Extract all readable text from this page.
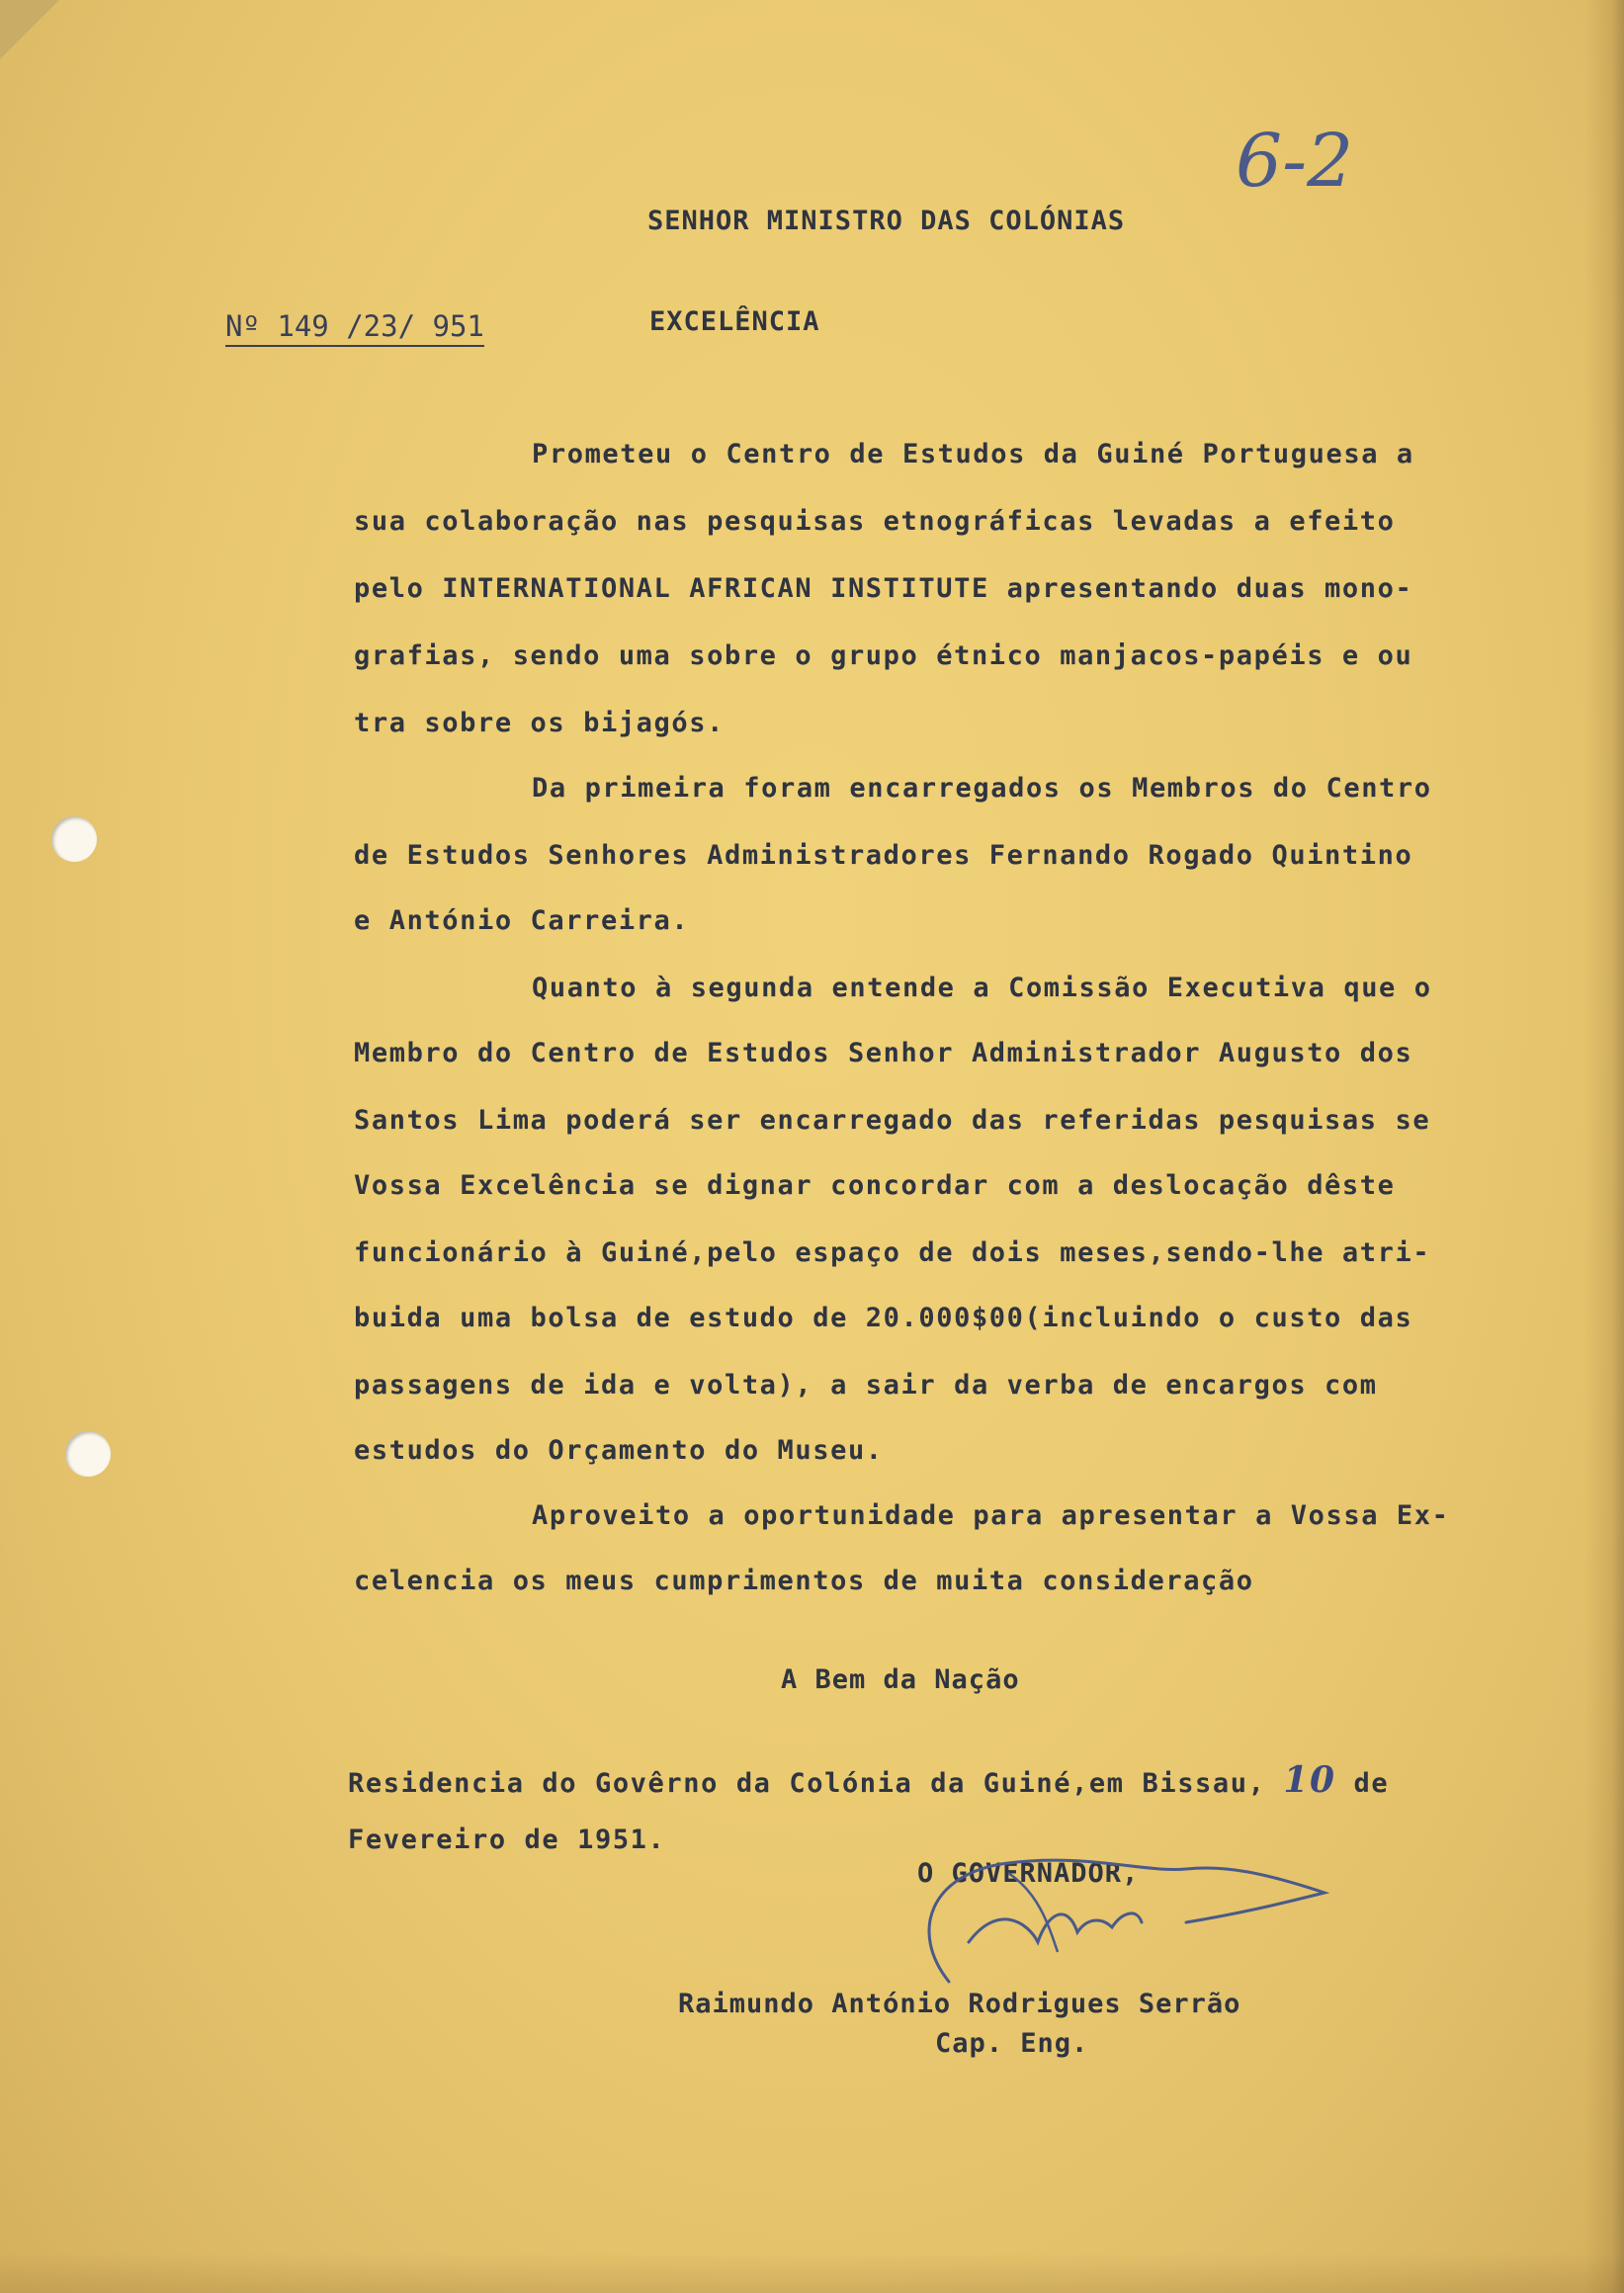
6-2
SENHOR MINISTRO DAS COLÓNIAS
Nº 149 /23/ 951	EXCELÊNCIA
Prometeu o Centro de Estudos da Guiné Portuguesa a
sua colaboração nas pesquisas etnográficas levadas a efeito
pelo INTERNATIONAL AFRICAN INSTITUTE apresentando duas mono-
grafias, sendo uma sobre o grupo étnico manjacos-papéis e ou
tra sobre os bijagós.
Da primeira foram encarregados os Membros do Centro
de Estudos Senhores Administradores Fernando Rogado Quintino
e António Carreira.
Quanto à segunda entende a Comissão Executiva que o
Membro do Centro de Estudos Senhor Administrador Augusto dos
Santos Lima poderá ser encarregado das referidas pesquisas se
Vossa Excelência se dignar concordar com a deslocação dêste
funcionário à Guiné,pelo espaço de dois meses,sendo-lhe atri-
buida uma bolsa de estudo de 20.000$00(incluindo o custo das
passagens de ida e volta), a sair da verba de encargos com
estudos do Orçamento do Museu.
Aproveito a oportunidade para apresentar a Vossa Ex-
celencia os meus cumprimentos de muita consideração
A Bem da Nação
Residencia do Govêrno da Colónia da Guiné,em Bissau, 10 de
Fevereiro de 1951.
O GOVERNADOR,
Raimundo António Rodrigues Serrão
Cap. Eng.
